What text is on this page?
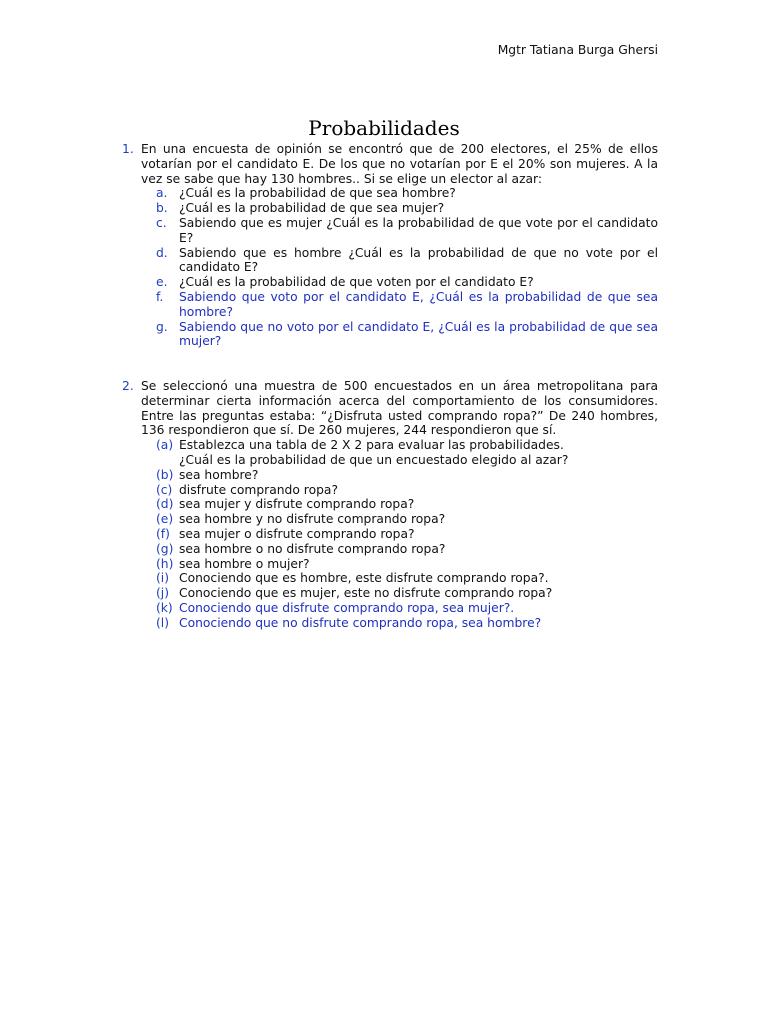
Mgtr Tatiana Burga Ghersi
Probabilidades
1. En una encuesta de opinión se encontró que de 200 electores, el 25% de ellos votarían por el candidato E. De los que no votarían por E el 20% son mujeres. A la vez se sabe que hay 130 hombres.. Si se elige un elector al azar:
a. ¿Cuál es la probabilidad de que sea hombre?
b. ¿Cuál es la probabilidad de que sea mujer?
c. Sabiendo que es mujer ¿Cuál es la probabilidad de que vote por el candidato E?
d. Sabiendo que es hombre ¿Cuál es la probabilidad de que no vote por el candidato E?
e. ¿Cuál es la probabilidad de que voten por el candidato E?
f. Sabiendo que voto por el candidato E, ¿Cuál es la probabilidad de que sea hombre?
g. Sabiendo que no voto por el candidato E, ¿Cuál es la probabilidad de que sea mujer?
2. Se seleccionó una muestra de 500 encuestados en un área metropolitana para determinar cierta información acerca del comportamiento de los consumidores. Entre las preguntas estaba: “¿Disfruta usted comprando ropa?” De 240 hombres, 136 respondieron que sí. De 260 mujeres, 244 respondieron que sí.
(a) Establezca una tabla de 2 X 2 para evaluar las probabilidades.
¿Cuál es la probabilidad de que un encuestado elegido al azar?
(b) sea hombre?
(c) disfrute comprando ropa?
(d) sea mujer y disfrute comprando ropa?
(e) sea hombre y no disfrute comprando ropa?
(f) sea mujer o disfrute comprando ropa?
(g) sea hombre o no disfrute comprando ropa?
(h) sea hombre o mujer?
(i) Conociendo que es hombre, este disfrute comprando ropa?.
(j) Conociendo que es mujer, este no disfrute comprando ropa?
(k) Conociendo que disfrute comprando ropa, sea mujer?.
(l) Conociendo que no disfrute comprando ropa, sea hombre?
